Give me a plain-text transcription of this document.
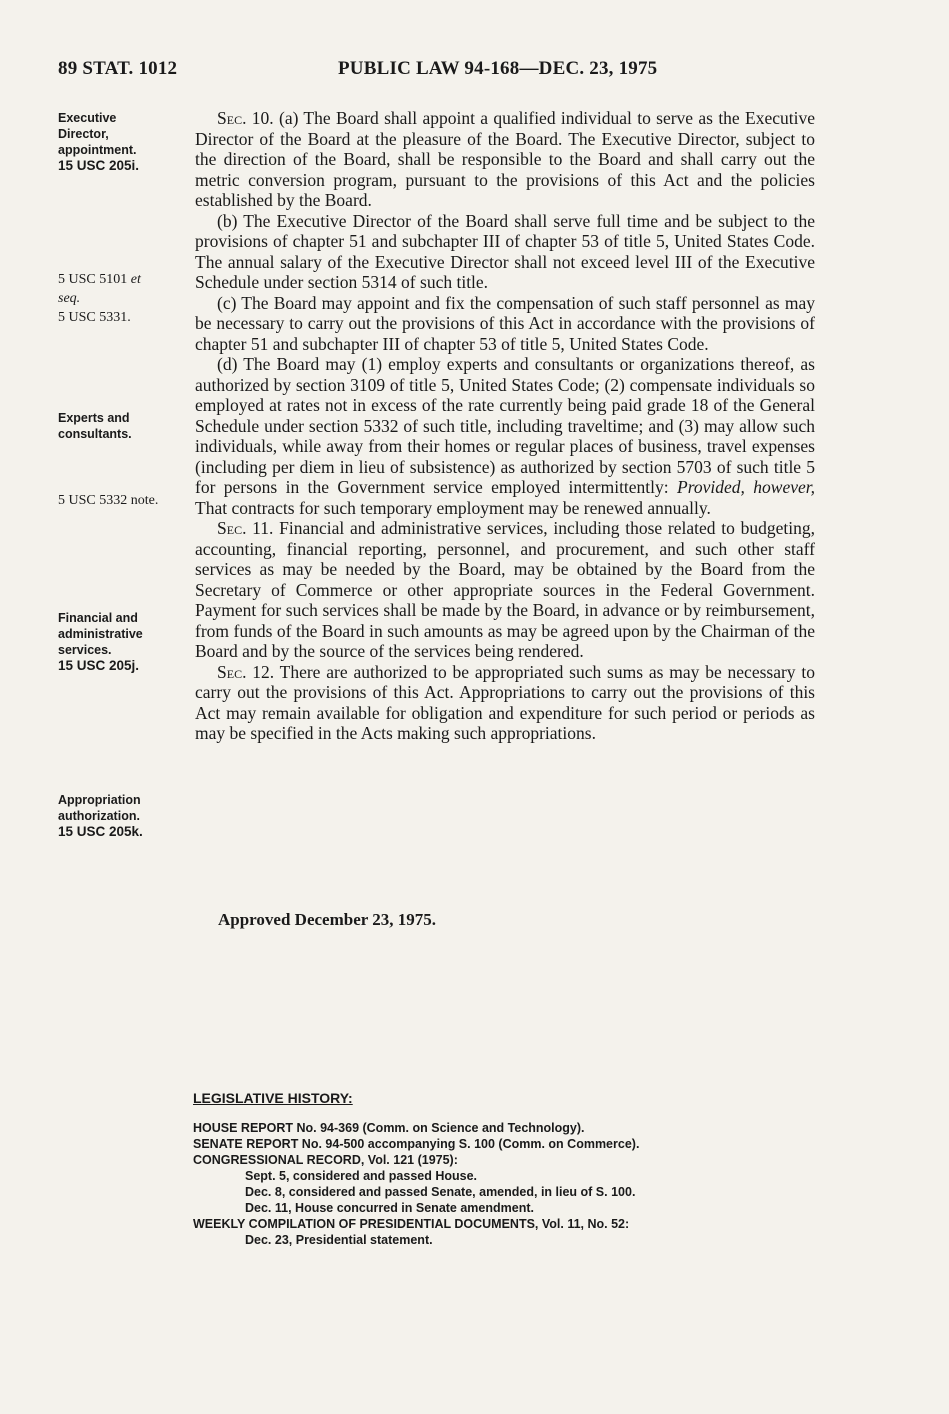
89 STAT. 1012	PUBLIC LAW 94-168—DEC. 23, 1975
Executive
Director,
appointment.
15 USC 205i.
5 USC 5101 et
seq.
5 USC 5331.
Experts and
consultants.
5 USC 5332 note.
Financial and
administrative
services.
15 USC 205j.
Appropriation
authorization.
15 USC 205k.

Sec. 10. (a) The Board shall appoint a qualified individual to serve as the Executive Director of the Board at the pleasure of the Board. The Executive Director, subject to the direction of the Board, shall be responsible to the Board and shall carry out the metric conversion program, pursuant to the provisions of this Act and the policies established by the Board.

(b) The Executive Director of the Board shall serve full time and be subject to the provisions of chapter 51 and subchapter III of chapter 53 of title 5, United States Code. The annual salary of the Executive Director shall not exceed level III of the Executive Schedule under section 5314 of such title.

(c) The Board may appoint and fix the compensation of such staff personnel as may be necessary to carry out the provisions of this Act in accordance with the provisions of chapter 51 and subchapter III of chapter 53 of title 5, United States Code.

(d) The Board may (1) employ experts and consultants or organizations thereof, as authorized by section 3109 of title 5, United States Code; (2) compensate individuals so employed at rates not in excess of the rate currently being paid grade 18 of the General Schedule under section 5332 of such title, including traveltime; and (3) may allow such individuals, while away from their homes or regular places of business, travel expenses (including per diem in lieu of subsistence) as authorized by section 5703 of such title 5 for persons in the Government service employed intermittently: Provided, however, That contracts for such temporary employment may be renewed annually.

Sec. 11. Financial and administrative services, including those related to budgeting, accounting, financial reporting, personnel, and procurement, and such other staff services as may be needed by the Board, may be obtained by the Board from the Secretary of Commerce or other appropriate sources in the Federal Government. Payment for such services shall be made by the Board, in advance or by reimbursement, from funds of the Board in such amounts as may be agreed upon by the Chairman of the Board and by the source of the services being rendered.

Sec. 12. There are authorized to be appropriated such sums as may be necessary to carry out the provisions of this Act. Appropriations to carry out the provisions of this Act may remain available for obligation and expenditure for such period or periods as may be specified in the Acts making such appropriations.

Approved December 23, 1975.
LEGISLATIVE HISTORY:
HOUSE REPORT No. 94-369 (Comm. on Science and Technology).
SENATE REPORT No. 94-500 accompanying S. 100 (Comm. on Commerce).
CONGRESSIONAL RECORD, Vol. 121 (1975):
Sept. 5, considered and passed House.
Dec. 8, considered and passed Senate, amended, in lieu of S. 100.
Dec. 11, House concurred in Senate amendment.
WEEKLY COMPILATION OF PRESIDENTIAL DOCUMENTS, Vol. 11, No. 52:
Dec. 23, Presidential statement.
